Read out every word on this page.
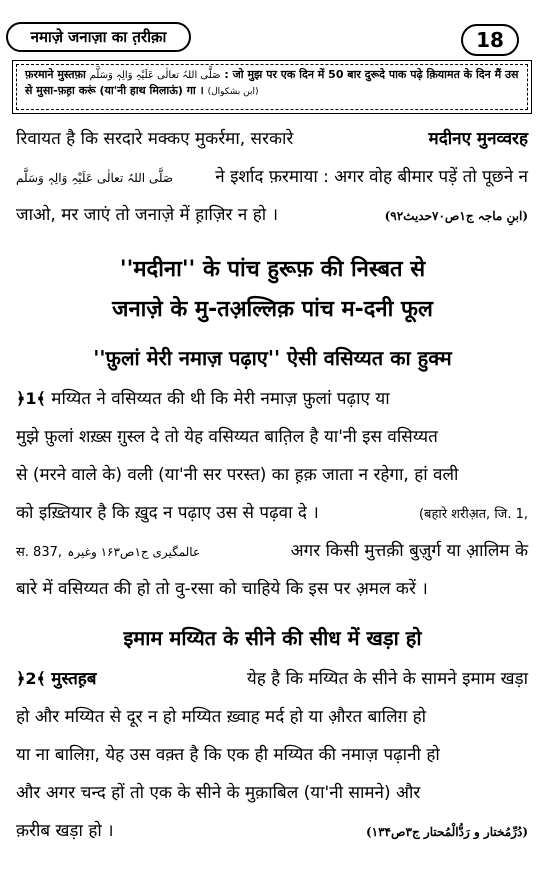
नमाज़े जनाज़ा का त़रीक़ा	18
फ़रमाने मुस्तफ़ा صَلَّی اللہُ تعالٰی عَلَیْہِ وَالِہٖ وَسَلَّم : जो मुझ पर एक दिन में 50 बार दुरूदे पाक पढ़े क़ियामत के दिन मैं उस
से मुसा-फ़ह़ा करूं (या'नी हाथ मिलाऊं) गा । (ابن بشکوال)
रिवायत है कि सरदारे मक्कए मुकर्रमा, सरकारे	मदीनए मुनव्वरह
صَلَّی اللہُ تعالٰی عَلَیْہِ وَالِہٖ وَسَلَّم ने इर्शाद फ़रमाया : अगर वोह बीमार पड़ें तो पूछने न
जाओ, मर जाएं तो जनाज़े में ह़ाज़िर न हो ।	(ابنِ ماجہ ج۱ص۷۰حدیث۹۲)
''मदीना'' के पांच हुरूफ़ की निस्बत से
जनाज़े के मु-तअ़ल्लिक़ पांच म-दनी फूल
''फ़ुलां मेरी नमाज़ पढ़ाए'' ऐसी वसिय्यत का हुक्म
﴿1﴾ मय्यित ने वसिय्यत की थी कि मेरी नमाज़ फ़ुलां पढ़ाए या
मुझे फ़ुलां शख़्स ग़ुस्ल दे तो येह वसिय्यत बात़िल है या'नी इस वसिय्यत
से (मरने वाले के) वली (या'नी सर परस्त) का ह़क़ जाता न रहेगा, हां वली
को इख़्तियार है कि ख़ुद न पढ़ाए उस से पढ़वा दे ।	(बहारे शरीअ़त, जि. 1,
स. 837, عالمگیری ج۱ص۱۶۳ وغیرہ	अगर किसी मुत्तक़ी बुज़ुर्ग या आ़लिम के
बारे में वसिय्यत की हो तो वु-रसा को चाहिये कि इस पर अ़मल करें ।
इमाम मय्यित के सीने की सीध में खड़ा हो
﴿2﴾ मुस्तह़ब	येह है कि मय्यित के सीने के सामने इमाम खड़ा
हो और मय्यित से दूर न हो मय्यित ख़्वाह मर्द हो या औ़रत बालिग़ हो
या ना बालिग़, येह उस वक़्त है कि एक ही मय्यित की नमाज़ पढ़ानी हो
और अगर चन्द हों तो एक के सीने के मुक़ाबिल (या'नी सामने) और
क़रीब खड़ा हो ।	(دُرِّمُختار و رَدُّالْمُحتار ج۳ص۱۳۴)
